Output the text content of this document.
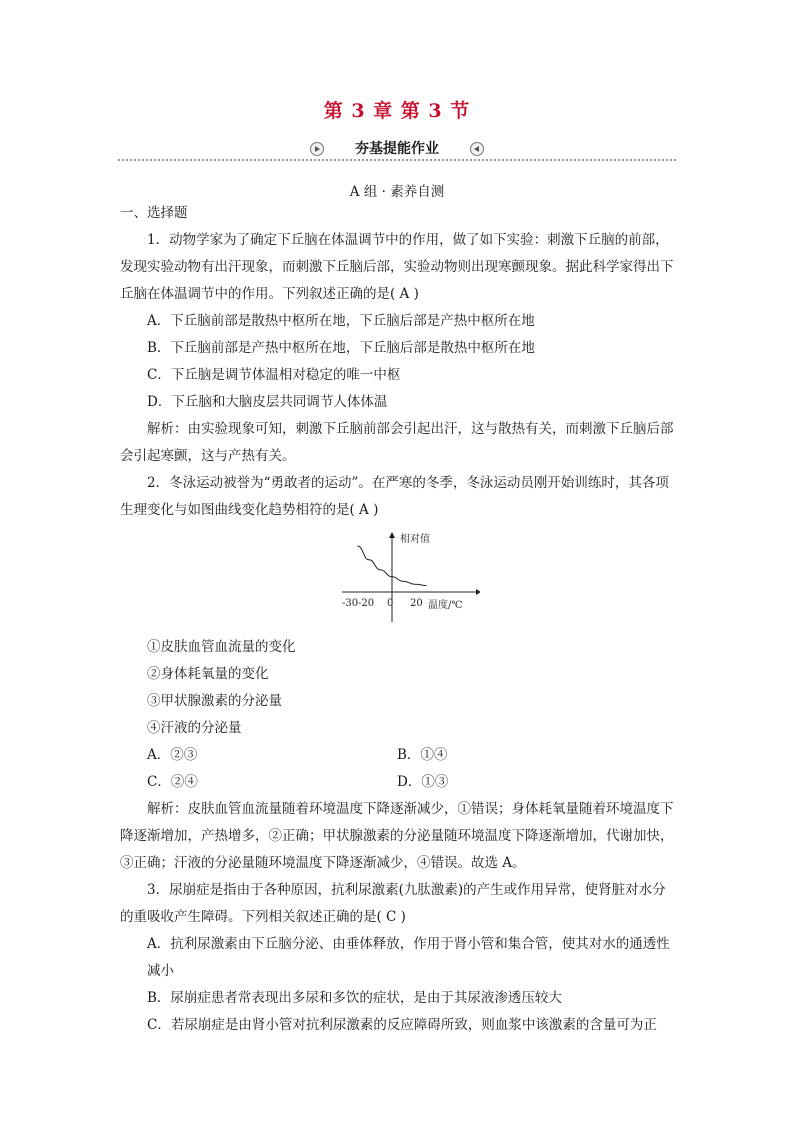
第 3 章 第 3 节
夯基提能作业
A 组 · 素养自测

一、选择题

1．动物学家为了确定下丘脑在体温调节中的作用，做了如下实验：刺激下丘脑的前部，发现实验动物有出汗现象，而刺激下丘脑后部，实验动物则出现寒颤现象。据此科学家得出下丘脑在体温调节中的作用。下列叙述正确的是( A )

A．下丘脑前部是散热中枢所在地，下丘脑后部是产热中枢所在地

B．下丘脑前部是产热中枢所在地，下丘脑后部是散热中枢所在地

C．下丘脑是调节体温相对稳定的唯一中枢

D．下丘脑和大脑皮层共同调节人体体温

解析：由实验现象可知，刺激下丘脑前部会引起出汗，这与散热有关，而刺激下丘脑后部会引起寒颤，这与产热有关。

2．冬泳运动被誉为“勇敢者的运动”。在严寒的冬季，冬泳运动员刚开始训练时，其各项生理变化与如图曲线变化趋势相符的是( A )

相对值
温度/℃
-30 -20 0 20

①皮肤血管血流量的变化

②身体耗氧量的变化

③甲状腺激素的分泌量

④汗液的分泌量

A．②③	B．①④
C．②④	D．①③

解析：皮肤血管血流量随着环境温度下降逐渐减少，①错误；身体耗氧量随着环境温度下降逐渐增加，产热增多，②正确；甲状腺激素的分泌量随环境温度下降逐渐增加，代谢加快，③正确；汗液的分泌量随环境温度下降逐渐减少，④错误。故选 A。

3．尿崩症是指由于各种原因，抗利尿激素(九肽激素)的产生或作用异常，使肾脏对水分的重吸收产生障碍。下列相关叙述正确的是( C )

A．抗利尿激素由下丘脑分泌、由垂体释放，作用于肾小管和集合管，使其对水的通透性减小

B．尿崩症患者常表现出多尿和多饮的症状，是由于其尿液渗透压较大

C．若尿崩症是由肾小管对抗利尿激素的反应障碍所致，则血浆中该激素的含量可为正
